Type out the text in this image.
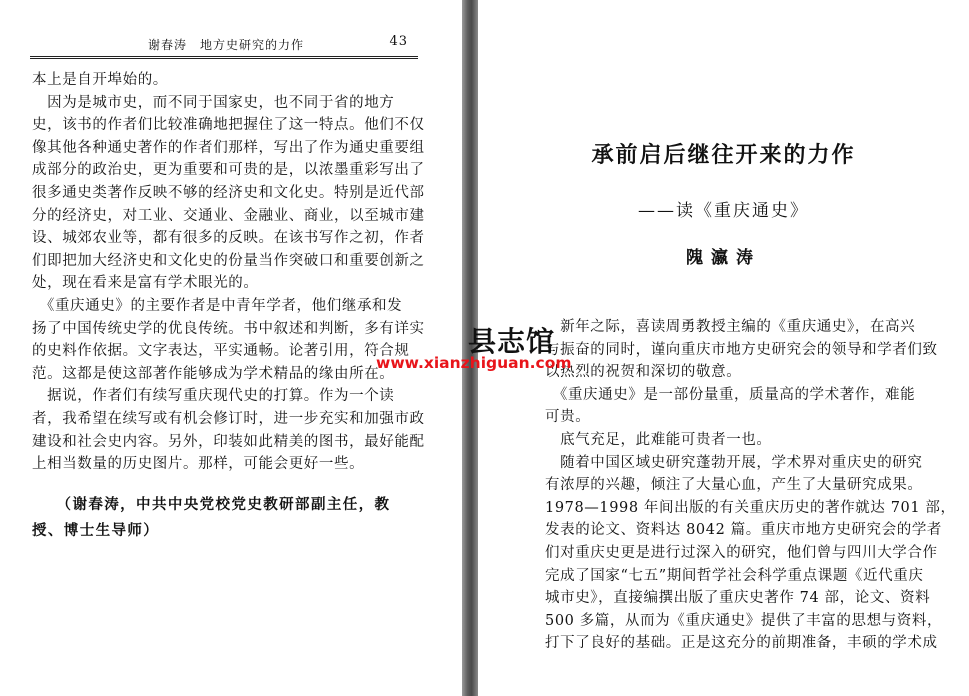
谢春涛　地方史研究的力作	43

本上是自开埠始的。

　因为是城市史，而不同于国家史，也不同于省的地方

史，该书的作者们比较准确地把握住了这一特点。他们不仅

像其他各种通史著作的作者们那样，写出了作为通史重要组

成部分的政治史，更为重要和可贵的是，以浓墨重彩写出了

很多通史类著作反映不够的经济史和文化史。特别是近代部

分的经济史，对工业、交通业、金融业、商业，以至城市建

设、城郊农业等，都有很多的反映。在该书写作之初，作者

们即把加大经济史和文化史的份量当作突破口和重要创新之

处，现在看来是富有学术眼光的。

　《重庆通史》的主要作者是中青年学者，他们继承和发

扬了中国传统史学的优良传统。书中叙述和判断，多有详实

的史料作依据。文字表达，平实通畅。论著引用，符合规

范。这都是使这部著作能够成为学术精品的缘由所在。

　据说，作者们有续写重庆现代史的打算。作为一个读

者，我希望在续写或有机会修订时，进一步充实和加强市政

建设和社会史内容。另外，印装如此精美的图书，最好能配

上相当数量的历史图片。那样，可能会更好一些。

　　（谢春涛，中共中央党校党史教研部副主任，教

授、博士生导师）

承前启后继往开来的力作
——读《重庆通史》
隗瀛涛

　新年之际，喜读周勇教授主编的《重庆通史》，在高兴

与振奋的同时，谨向重庆市地方史研究会的领导和学者们致

以热烈的祝贺和深切的敬意。

　《重庆通史》是一部份量重，质量高的学术著作，难能

可贵。

　底气充足，此难能可贵者一也。

　随着中国区域史研究蓬勃开展，学术界对重庆史的研究

有浓厚的兴趣，倾注了大量心血，产生了大量研究成果。

1978—1998 年间出版的有关重庆历史的著作就达 701 部，

发表的论文、资料达 8042 篇。重庆市地方史研究会的学者

们对重庆史更是进行过深入的研究，他们曾与四川大学合作

完成了国家“七五”期间哲学社会科学重点课题《近代重庆

城市史》，直接编撰出版了重庆史著作 74 部，论文、资料

500 多篇，从而为《重庆通史》提供了丰富的思想与资料，

打下了良好的基础。正是这充分的前期准备，丰硕的学术成

县志馆
www.xianzhiguan.com
